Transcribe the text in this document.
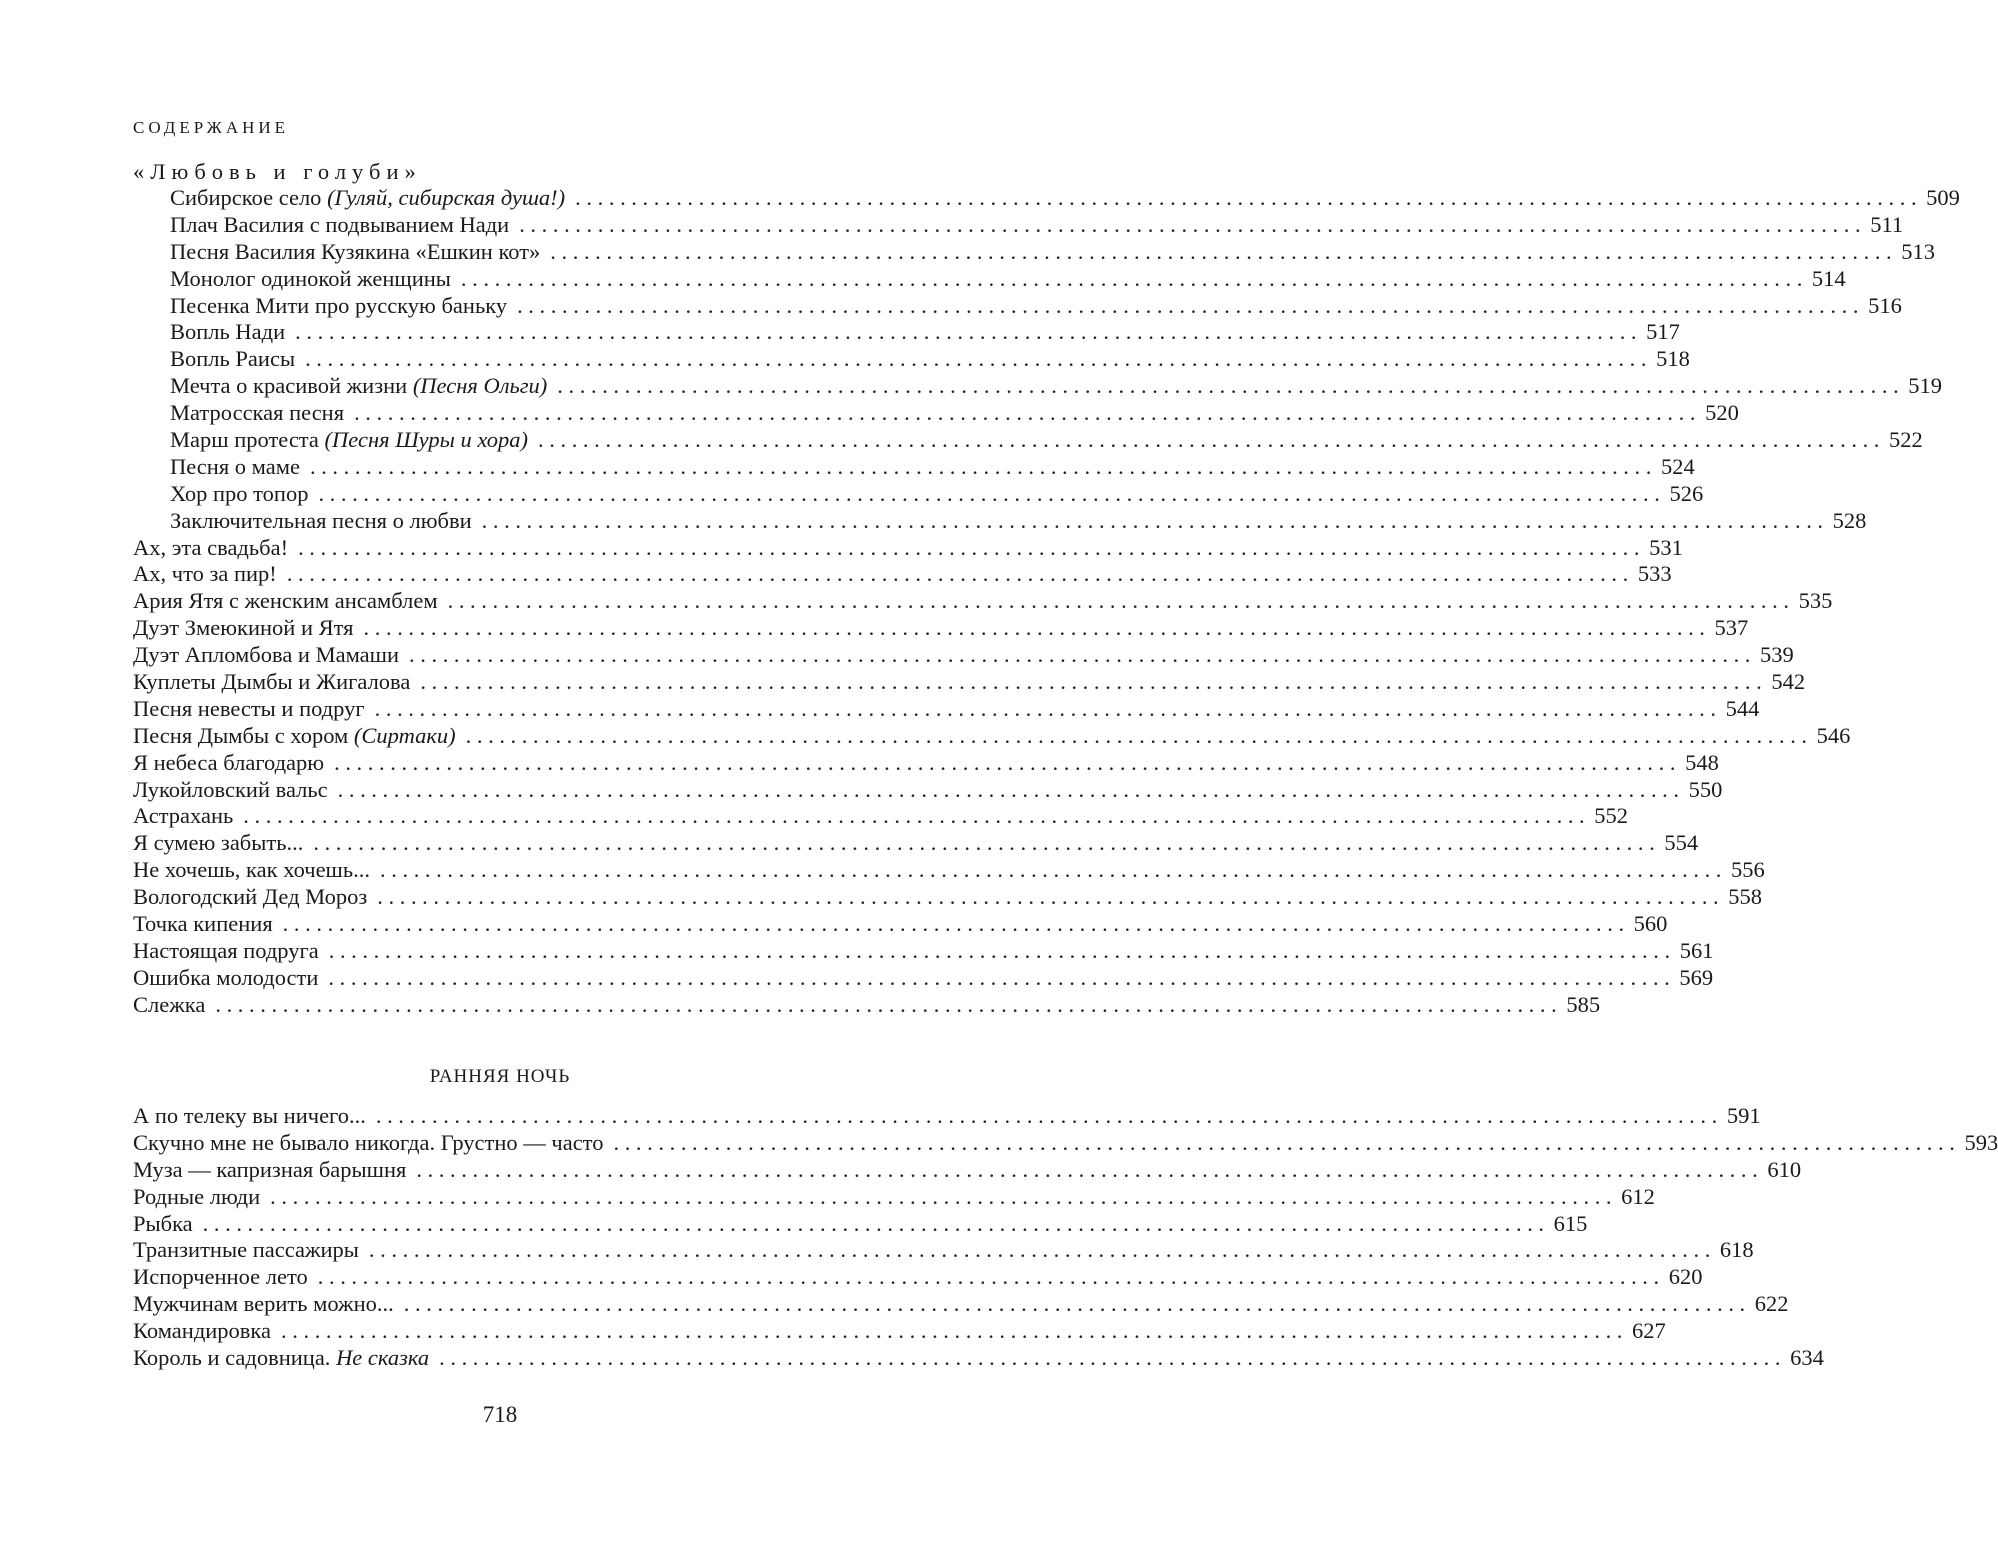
СОДЕРЖАНИЕ
«Любовь и голуби»
Сибирское село (Гуляй, сибирская душа!) ........................................................................................................................ 509
Плач Василия с подвыванием Нади ........................................................................................................................ 511
Песня Василия Кузякина «Ешкин кот» ........................................................................................................................ 513
Монолог одинокой женщины ........................................................................................................................ 514
Песенка Мити про русскую баньку ........................................................................................................................ 516
Вопль Нади ........................................................................................................................ 517
Вопль Раисы ........................................................................................................................ 518
Мечта о красивой жизни (Песня Ольги) ........................................................................................................................ 519
Матросская песня ........................................................................................................................ 520
Марш протеста (Песня Шуры и хора) ........................................................................................................................ 522
Песня о маме ........................................................................................................................ 524
Хор про топор ........................................................................................................................ 526
Заключительная песня о любви ........................................................................................................................ 528
Ах, эта свадьба! ........................................................................................................................ 531
Ах, что за пир! ........................................................................................................................ 533
Ария Ятя с женским ансамблем ........................................................................................................................ 535
Дуэт Змеюкиной и Ятя ........................................................................................................................ 537
Дуэт Апломбова и Мамаши ........................................................................................................................ 539
Куплеты Дымбы и Жигалова ........................................................................................................................ 542
Песня невесты и подруг ........................................................................................................................ 544
Песня Дымбы с хором (Сиртаки) ........................................................................................................................ 546
Я небеса благодарю ........................................................................................................................ 548
Лукойловский вальс ........................................................................................................................ 550
Астрахань ........................................................................................................................ 552
Я сумею забыть... ........................................................................................................................ 554
Не хочешь, как хочешь... ........................................................................................................................ 556
Вологодский Дед Мороз ........................................................................................................................ 558
Точка кипения ........................................................................................................................ 560
Настоящая подруга ........................................................................................................................ 561
Ошибка молодости ........................................................................................................................ 569
Слежка ........................................................................................................................ 585
РАННЯЯ НОЧЬ
А по телеку вы ничего... ........................................................................................................................ 591
Скучно мне не бывало никогда. Грустно — часто ........................................................................................................................ 593
Муза — капризная барышня ........................................................................................................................ 610
Родные люди ........................................................................................................................ 612
Рыбка ........................................................................................................................ 615
Транзитные пассажиры ........................................................................................................................ 618
Испорченное лето ........................................................................................................................ 620
Мужчинам верить можно... ........................................................................................................................ 622
Командировка ........................................................................................................................ 627
Король и садовница. Не сказка ........................................................................................................................ 634
718
